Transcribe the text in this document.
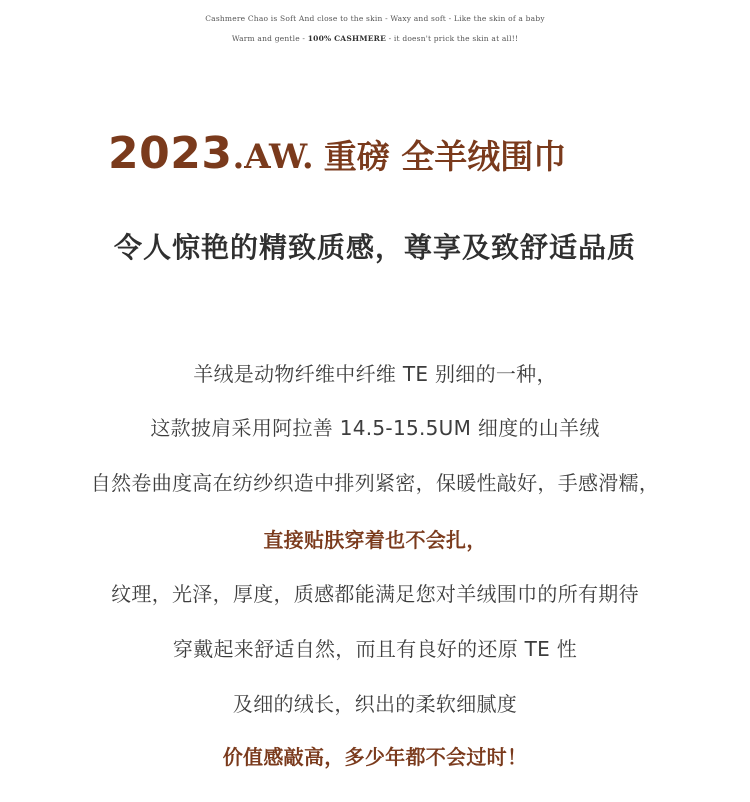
Cashmere Chao is Soft And close to the skin - Waxy and soft - Like the skin of a baby
Warm and gentle - 100% CASHMERE - it doesn't prick the skin at all!!
2023.AW. 重磅 全羊绒围巾
令人惊艳的精致质感，尊享及致舒适品质
羊绒是动物纤维中纤维 TE 别细的一种，
这款披肩采用阿拉善 14.5-15.5UM 细度的山羊绒
自然卷曲度高在纺纱织造中排列紧密，保暖性敲好，手感滑糯，
直接贴肤穿着也不会扎，
纹理，光泽，厚度，质感都能满足您对羊绒围巾的所有期待
穿戴起来舒适自然，而且有良好的还原 TE 性
及细的绒长，织出的柔软细腻度
价值感敲高，多少年都不会过时！
